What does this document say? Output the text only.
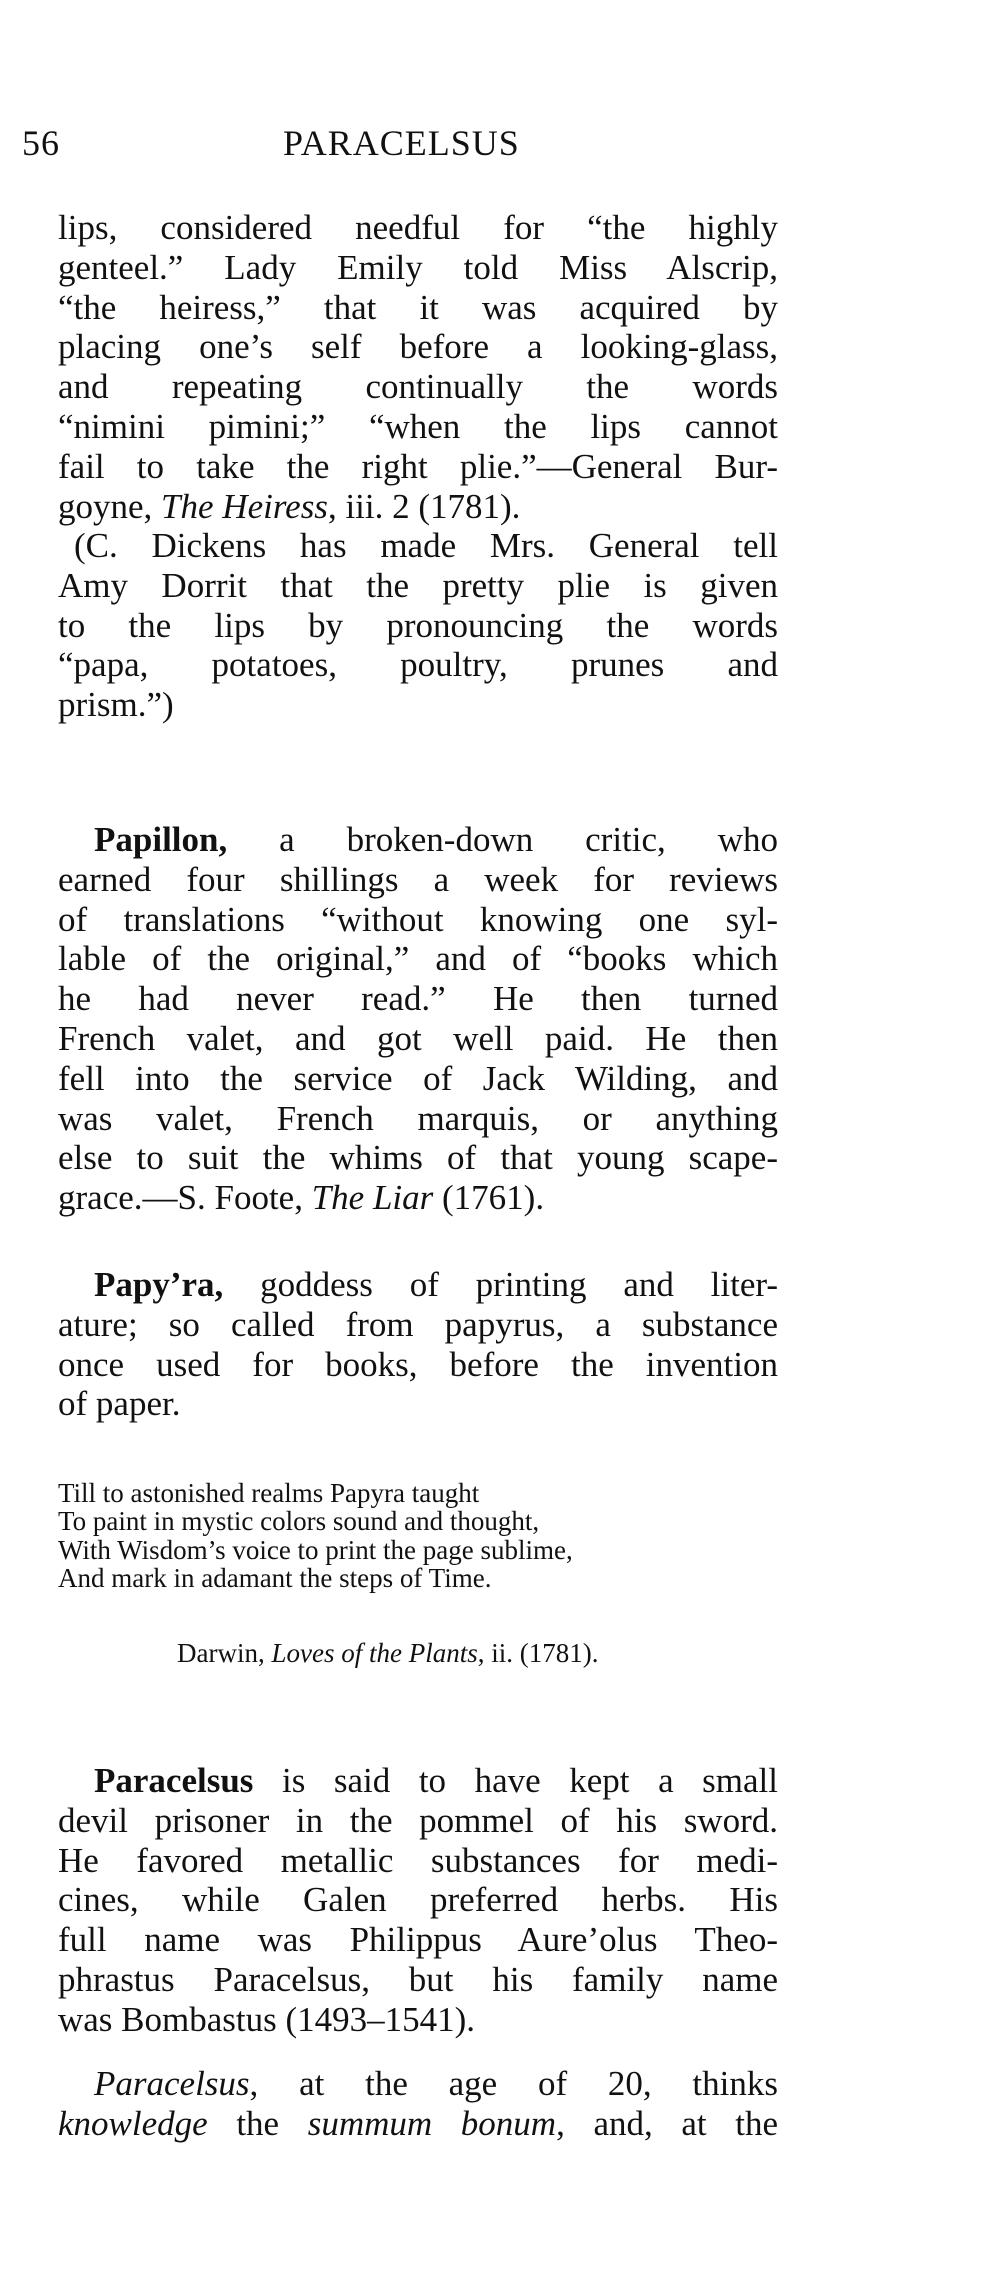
56	PARACELSUS
lips, considered needful for “the highly
genteel.” Lady Emily told Miss Alscrip,
“the heiress,” that it was acquired by
placing one’s self before a looking-glass,
and repeating continually the words
“nimini pimini;” “when the lips cannot
fail to take the right plie.”—General Bur-
goyne, The Heiress, iii. 2 (1781).
(C. Dickens has made Mrs. General tell
Amy Dorrit that the pretty plie is given
to the lips by pronouncing the words
“papa, potatoes, poultry, prunes and
prism.”)
Papillon, a broken-down critic, who
earned four shillings a week for reviews
of translations “without knowing one syl-
lable of the original,” and of “books which
he had never read.” He then turned
French valet, and got well paid. He then
fell into the service of Jack Wilding, and
was valet, French marquis, or anything
else to suit the whims of that young scape-
grace.—S. Foote, The Liar (1761).
Papy’ra, goddess of printing and liter-
ature; so called from papyrus, a substance
once used for books, before the invention
of paper.
Till to astonished realms Papyra taught
To paint in mystic colors sound and thought,
With Wisdom’s voice to print the page sublime,
And mark in adamant the steps of Time.
Darwin, Loves of the Plants, ii. (1781).
Paracelsus is said to have kept a small
devil prisoner in the pommel of his sword.
He favored metallic substances for medi-
cines, while Galen preferred herbs. His
full name was Philippus Aure’olus Theo-
phrastus Paracelsus, but his family name
was Bombastus (1493–1541).
Paracelsus, at the age of 20, thinks
knowledge the summum bonum, and, at the
